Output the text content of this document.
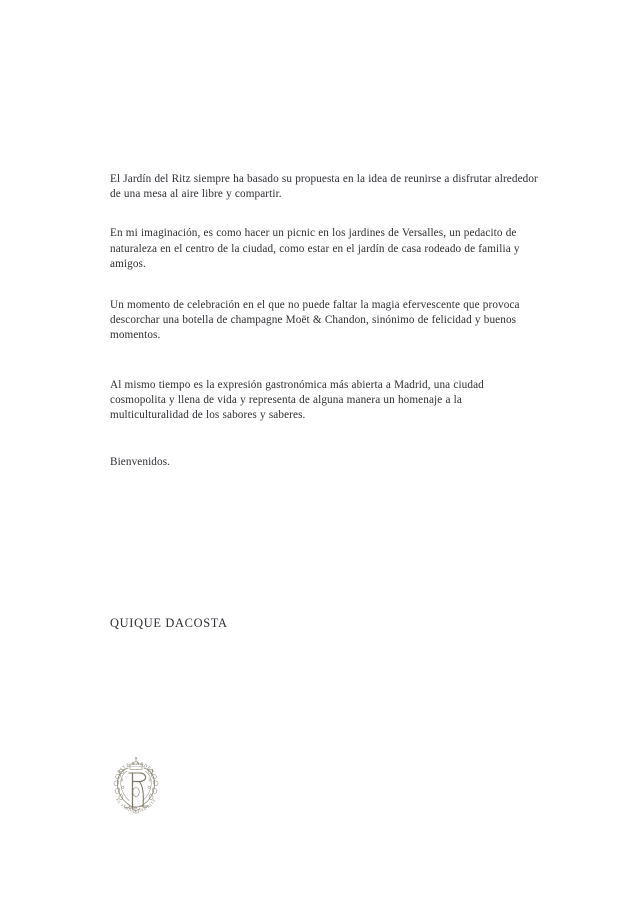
El Jardín del Ritz siempre ha basado su propuesta en la idea de reunirse a disfrutar alrededor de una mesa al aire libre y compartir.

En mi imaginación, es como hacer un picnic en los jardines de Versalles, un pedacito de naturaleza en el centro de la ciudad, como estar en el jardín de casa rodeado de familia y amigos.

Un momento de celebración en el que no puede faltar la magia efervescente que provoca descorchar una botella de champagne Moët & Chandon, sinónimo de felicidad y buenos momentos.

Al mismo tiempo es la expresión gastronómica más abierta a Madrid, una ciudad cosmopolita y llena de vida y representa de alguna manera un homenaje a la multiculturalidad de los sabores y saberes.

Bienvenidos.

QUIQUE DACOSTA
RITZ GARDEN
EL JARDIN DEL RITZ
